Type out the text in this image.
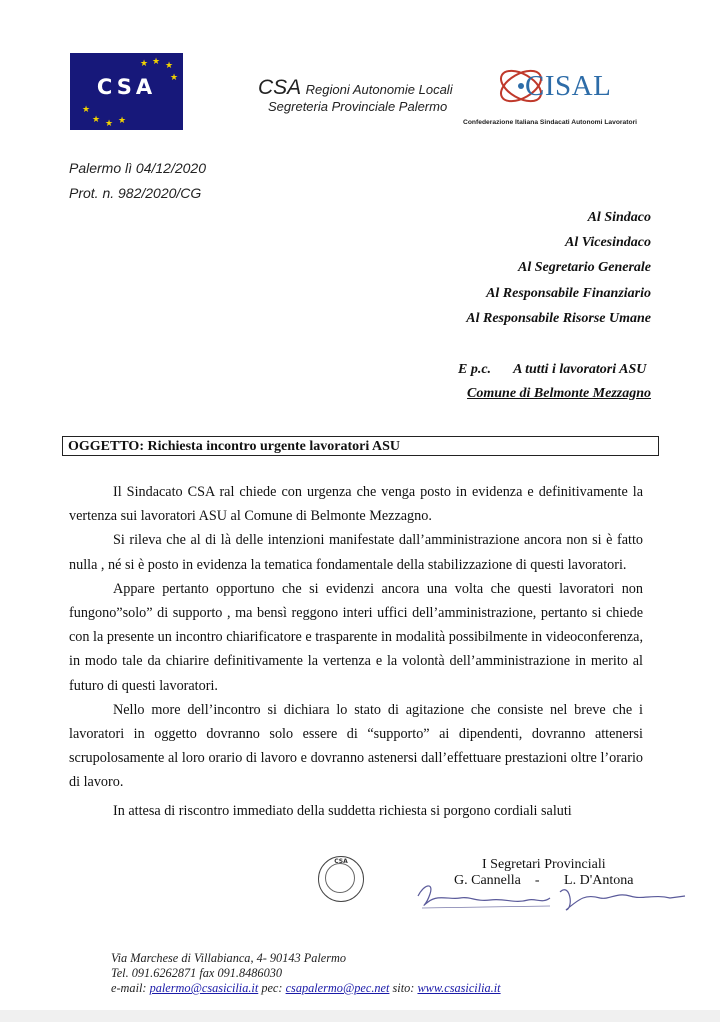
★ ★ ★
★
★
★ ★ ★
CSA	CSA Regioni Autonomie Locali
Segreteria Provinciale Palermo
CISAL
Confederazione Italiana Sindacati Autonomi Lavoratori
Palermo lì 04/12/2020
Prot. n. 982/2020/CG
Al Sindaco
Al Vicesindaco
Al Segretario Generale
Al Responsabile Finanziario
Al Responsabile Risorse Umane
E p.c. A tutti i lavoratori ASU
Comune di Belmonte Mezzagno
OGGETTO: Richiesta incontro urgente lavoratori ASU

Il Sindacato CSA ral chiede con urgenza che venga posto in evidenza e definitivamente la vertenza sui lavoratori ASU al Comune di Belmonte Mezzagno.

Si rileva che al di là delle intenzioni manifestate dall’amministrazione ancora non si è fatto nulla , né si è posto in evidenza la tematica fondamentale della stabilizzazione di questi lavoratori.

Appare pertanto opportuno che si evidenzi ancora una volta che questi lavoratori non fungono”solo” di supporto , ma bensì reggono interi uffici dell’amministrazione, pertanto si chiede con la presente un incontro chiarificatore e trasparente in modalità possibilmente in videoconferenza, in modo tale da chiarire definitivamente la vertenza e la volontà dell’amministrazione in merito al futuro di questi lavoratori.

Nello more dell’incontro si dichiara lo stato di agitazione che consiste nel breve che i lavoratori in oggetto dovranno solo essere di “supporto” ai dipendenti, dovranno attenersi scrupolosamente al loro orario di lavoro e dovranno astenersi dall’effettuare prestazioni oltre l’orario di lavoro.

In attesa di riscontro immediato della suddetta richiesta si porgono cordiali saluti

CSA	I Segretari Provinciali
G. Cannella    -       L. D'Antona
Via Marchese di Villabianca, 4- 90143 Palermo
Tel. 091.6262871 fax 091.8486030
e-mail: palermo@csasicilia.it pec: csapalermo@pec.net sito: www.csasicilia.it
